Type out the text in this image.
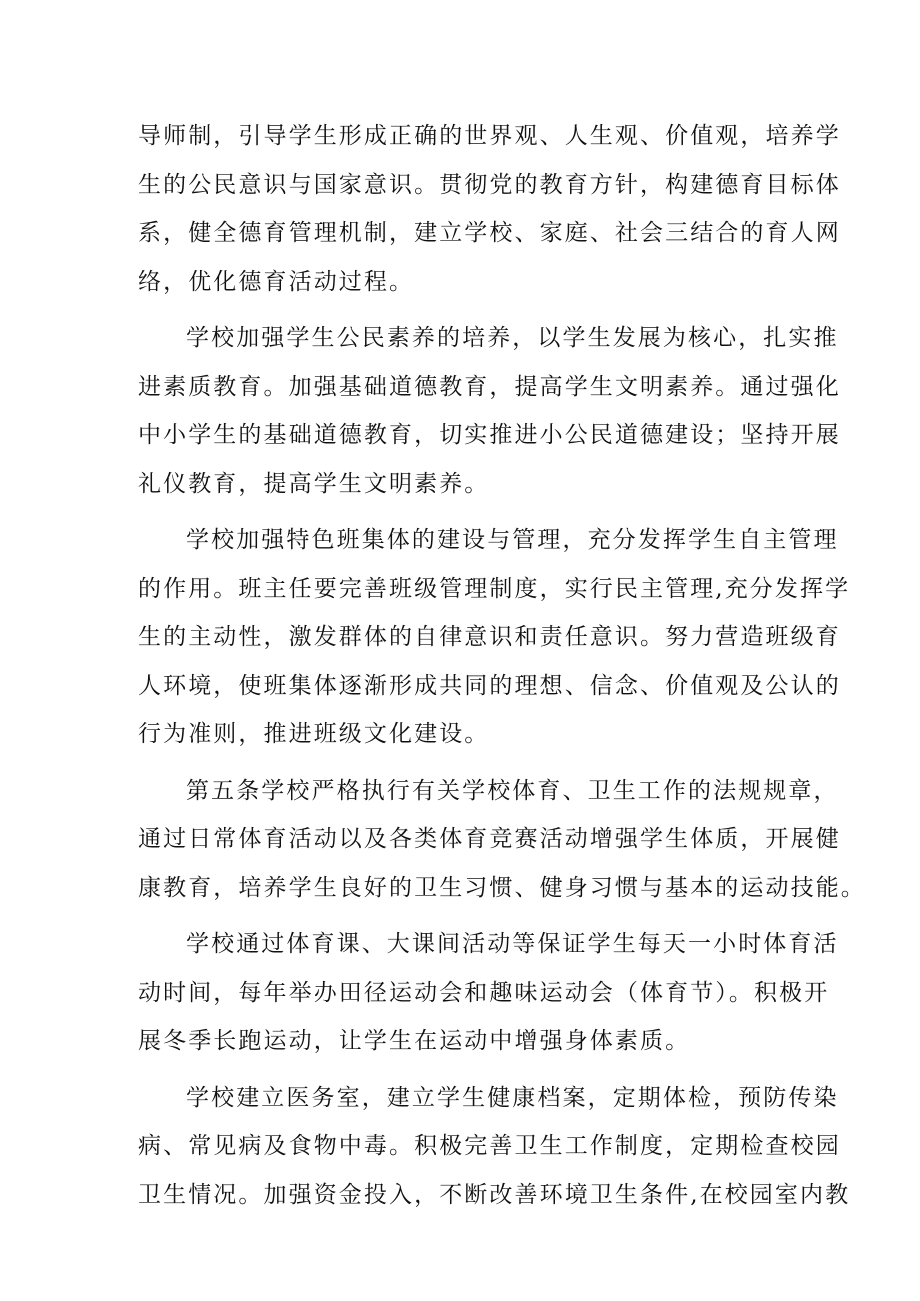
导师制，引导学生形成正确的世界观、人生观、价值观，培养学
生的公民意识与国家意识。贯彻党的教育方针，构建德育目标体
系，健全德育管理机制，建立学校、家庭、社会三结合的育人网
络，优化德育活动过程。
学校加强学生公民素养的培养，以学生发展为核心，扎实推
进素质教育。加强基础道德教育，提高学生文明素养。通过强化
中小学生的基础道德教育，切实推进小公民道德建设；坚持开展
礼仪教育，提高学生文明素养。
学校加强特色班集体的建设与管理，充分发挥学生自主管理
的作用。班主任要完善班级管理制度，实行民主管理,充分发挥学
生的主动性，激发群体的自律意识和责任意识。努力营造班级育
人环境，使班集体逐渐形成共同的理想、信念、价值观及公认的
行为准则，推进班级文化建设。
第五条学校严格执行有关学校体育、卫生工作的法规规章，
通过日常体育活动以及各类体育竞赛活动增强学生体质，开展健
康教育，培养学生良好的卫生习惯、健身习惯与基本的运动技能。
学校通过体育课、大课间活动等保证学生每天一小时体育活
动时间，每年举办田径运动会和趣味运动会（体育节）。积极开
展冬季长跑运动，让学生在运动中增强身体素质。
学校建立医务室，建立学生健康档案，定期体检，预防传染
病、常见病及食物中毒。积极完善卫生工作制度，定期检查校园
卫生情况。加强资金投入，不断改善环境卫生条件,在校园室内教
